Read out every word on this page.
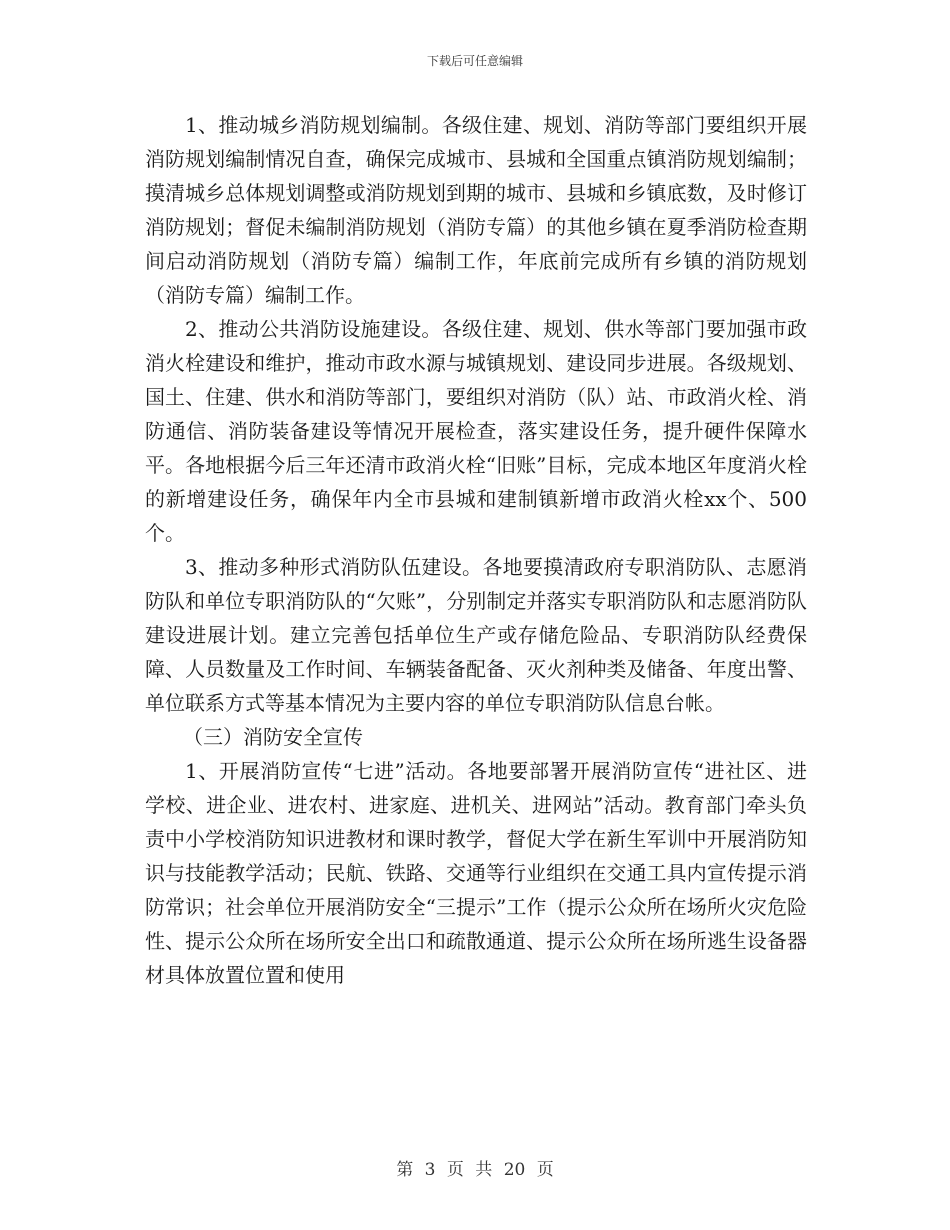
下载后可任意编辑

1、推动城乡消防规划编制。各级住建、规划、消防等部门要组织开展消防规划编制情况自查，确保完成城市、县城和全国重点镇消防规划编制；摸清城乡总体规划调整或消防规划到期的城市、县城和乡镇底数，及时修订消防规划；督促未编制消防规划（消防专篇）的其他乡镇在夏季消防检查期间启动消防规划（消防专篇）编制工作，年底前完成所有乡镇的消防规划（消防专篇）编制工作。

2、推动公共消防设施建设。各级住建、规划、供水等部门要加强市政消火栓建设和维护，推动市政水源与城镇规划、建设同步进展。各级规划、国土、住建、供水和消防等部门，要组织对消防（队）站、市政消火栓、消防通信、消防装备建设等情况开展检查，落实建设任务，提升硬件保障水平。各地根据今后三年还清市政消火栓“旧账”目标，完成本地区年度消火栓的新增建设任务，确保年内全市县城和建制镇新增市政消火栓xx个、500个。

3、推动多种形式消防队伍建设。各地要摸清政府专职消防队、志愿消防队和单位专职消防队的“欠账”，分别制定并落实专职消防队和志愿消防队建设进展计划。建立完善包括单位生产或存储危险品、专职消防队经费保障、人员数量及工作时间、车辆装备配备、灭火剂种类及储备、年度出警、单位联系方式等基本情况为主要内容的单位专职消防队信息台帐。

（三）消防安全宣传

1、开展消防宣传“七进”活动。各地要部署开展消防宣传“进社区、进学校、进企业、进农村、进家庭、进机关、进网站”活动。教育部门牵头负责中小学校消防知识进教材和课时教学，督促大学在新生军训中开展消防知识与技能教学活动；民航、铁路、交通等行业组织在交通工具内宣传提示消防常识；社会单位开展消防安全“三提示”工作（提示公众所在场所火灾危险性、提示公众所在场所安全出口和疏散通道、提示公众所在场所逃生设备器材具体放置位置和使用

第 3 页 共 20 页
